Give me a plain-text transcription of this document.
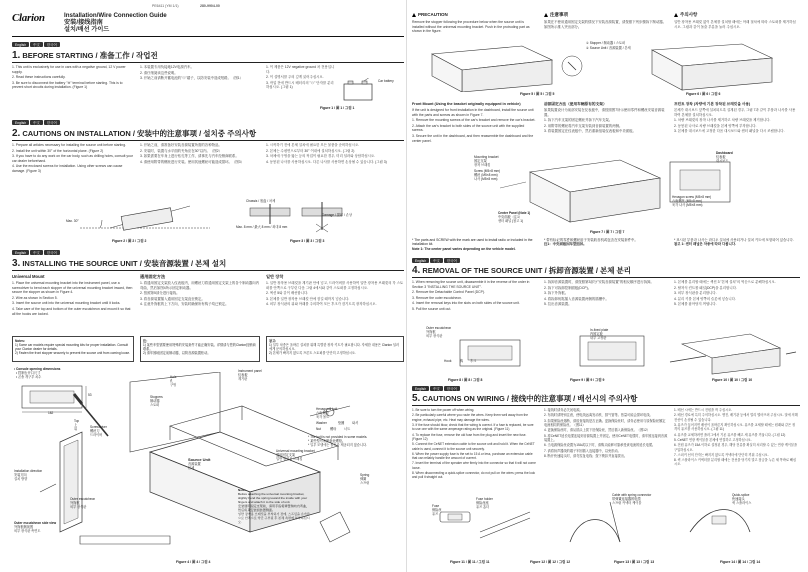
PE6411 (YM 1/1)	280-9904-00
Clarion	Installation/Wire Connection Guide
安装/接线指南
설치/배선 가이드
English	中文	한국어
1. BEFORE STARTING / 准备工作 / 작업전

1. This unit is exclusively for use in cars with a negative ground, 12 V power supply.

2. Read these instructions carefully.

3. Be sure to disconnect the battery "⊖" terminal before starting. This is to prevent short circuits during installation. (Figure 1)

1. 本装置专用负接地12V电源汽车。

2. 请仔细阅读这些说明。

3. 开始之前请断开蓄电池的"⊖"端子，以防安装中造成短路。（图1）

1. 이 제품은 12V negative ground 차 전용입니다.

2. 이 설명서를 주의 깊게 읽어주십시오.

3. 작업 전에 반드시 배터리의 "⊖" 단자를 분리하십시오. (그림 1)

Car battery
Figure 1 / 图 1 / 그림 1
English	中文	한국어
2. CAUTIONS ON INSTALLATION / 安装中的注意事项 / 설치중 주의사항

1. Prepare all articles necessary for installing the source unit before starting.

2. Install the unit within 30° of the horizontal plane. (Figure 2)

3. If you have to do any work on the car body, such as drilling holes, consult your car dealer beforehand.

4. Use the enclosed screws for installation. Using other screws can cause damage. (Figure 3)

1. 开始之前，请准备好安装音源装置所需的各种物品。

2. 安装时，装置与水平面的夹角应在30°以内。（图2）

3. 如果需要在车身上进行钻孔等工作，请事先与汽车经销商联系。

4. 请使用附带的螺丝进行安装。使用其他螺丝可能造成损坏。（图3）

1. 시작하기 전에 본체 설치에 필요한 모든 물품을 준비하십시오.

2. 본체는 수평면으로부터 30° 이내에 설치하십시오. (그림 2)

3. 차체에 구멍을 뚫는 등의 작업이 필요한 경우, 미리 딜러와 상담하십시오.

4. 동봉된 나사를 사용하십시오. 다른 나사를 사용하면 손상될 수 있습니다. (그림 3)

Max. 30°
Figure 2 / 图 2 / 그림 2
Chassis / 底盘 / 차체
Damage / 损坏 / 손상
Max. 8 mm / 最大 8 mm / 최대 8 mm
Figure 3 / 图 3 / 그림 3
English	中文	한국어
3. INSTALLING THE SOURCE UNIT / 安装音源装置 / 본체 설치
Universal Mount	通用固定方法	일반 장착

1. Place the universal mounting bracket into the instrument panel, use a screwdriver to bend each stopper of the universal mounting bracket inward, then secure the stopper as shown in Figure 4.

2. Wire as shown in Section 5.

3. Insert the source unit into the universal mounting bracket until it locks.

4. Take care of the top and bottom of the outer escutcheon and mount it so that all the hooks are locked.

1. 将通用固定支架放入仪表板内，用螺丝刀将通用固定支架上的各个制动器向内弯曲，然后如图4所示固定制动器。

2. 按照第5部分进行接线。

3. 将音源装置插入通用固定支架直至锁定。

4. 注意外饰框的上下方向，安装时确保所有钩子均已锁定。

1. 일반 장착용 브래킷을 계기판 안에 넣고, 드라이버를 사용하여 일반 장착용 브래킷의 각 스토퍼를 안쪽으로 구부린 다음 그림 4에서와 같이 스토퍼를 고정하십시오.

2. 섹션 5와 같이 배선합니다.

3. 본체를 일반 장착용 브래킷 안에 잠길 때까지 넣습니다.

4. 외부 장식판의 위와 아래를 주의하여 모든 후크가 잠기도록 장착하십시오.

Notes:
1) Some car models require special mounting kits for proper installation. Consult your Clarion dealer for details.
2) Fasten the front stopper securely to prevent the source unit from coming loose.
注：
1) 某些车型需要使用特殊的安装套件才能正确安装。详情请与您的Clarion经销商联系。
2) 请牢固地固定前制动器，以防音源装置松动。
참고:
1) 일부 차종은 올바른 설치를 위해 특별한 장착 키트가 필요합니다. 자세한 내용은 Clarion 딜러에게 문의하십시오.
2) 본체가 빠지지 않도록 프론트 스토퍼를 단단히 고정하십시오.
• Console opening dimensions
• 控制台开口尺寸
• 콘솔 개구부 치수
182
53
Top
上
위
Hole
孔
구멍
Instrument panel
仪表板
계기판
Stoppers
制动器
스토퍼
Hexagonal bolt
六角螺栓
육각 볼트
Washer	垫圈 와셔
Nut	螺母 너트
* The bolt is not provided in some models.
* 某些型号未配备此螺栓。
* 일부 모델에는 볼트가 제공되지 않습니다.
Screwdriver
螺丝刀
드라이버
Universal mounting bracket
通用固定支架
일반 장착용 브래킷
Source Unit
音源装置
본체
Spring
弹簧
스프링
Installation direction
安装方向
설치 방향
Outer escutcheon
外饰框
외부 장식판
Outer escutcheon side view
外饰框侧视图
외부 장식판 측면도
Note:
Before attaching the universal mounting bracket, slightly bend the spring toward the inside with your fingers and attach it to the side of unit.
安装通用固定支架前，请用手指将弹簧稍向内弯曲，然后将其安装到装置侧面。
일반 장착용 브래킷을 부착하기 전에, 스프링을 손가락으로 안쪽으로 약간 구부린 후 본체 측면에 부착하십시오.
Figure 4 / 图 4 / 그림 4
PRECAUTION	注意事项	주의사항
Remove the stopper following the procedure below when the source unit is installed without the universal mounting bracket. Push in the protruding part as shown in the figure.
如果在不使用通用固定支架的情况下安装音源装置，请按照下列步骤拆下制动器。如图所示推入突出部分。
일반 장착용 브래킷 없이 본체를 설치할 때에는 아래 절차에 따라 스토퍼를 제거하십시오. 그림과 같이 돌출 부분을 눌러 주십시오.
① Stopper / 制动器 / 스토퍼
② Source Unit / 音源装置 / 본체
Figure 5 / 图 5 / 그림 5	Figure 6 / 图 6 / 그림 6
Front Mount (Using the bracket originally equipped in vehicle)	前部固定方法（使用车辆原有的支架）	프런트 장착 (차량에 기본 장착된 브래킷을 사용)

If the unit is designed for front installation in the dashboard, install the source unit with the parts and screws as shown in Figure 7.

1. Remove the mounting screws of the car's bracket and remove the car's bracket.

2. Attach the car's bracket to both sides of the source unit with the supplied screws.

3. Secure the unit in the dashboard, and then reassemble the dashboard and the center panel.

如果装置设计为前部安装在仪表板中，请按照图7所示使用零件和螺丝安装音源装置。

1. 拆下汽车支架的固定螺丝并拆下汽车支架。

2. 用附带的螺丝将汽车支架安装到音源装置的两侧。

3. 将装置固定在仪表板中，然后重新组装仪表板和中央面板。

본체가 대시보드 앞쪽에 설치되도록 설계된 경우, 그림 7과 같이 부품과 나사를 사용하여 본체를 설치하십시오.

1. 차량 브래킷의 장착 나사를 제거하고 차량 브래킷을 제거합니다.

2. 동봉된 나사로 차량 브래킷을 본체 양쪽에 부착합니다.

3. 본체를 대시보드에 고정한 다음 대시보드와 센터 패널을 다시 조립합니다.

Mounting bracket
固定支架
장착 브래킷
Screw (M5×8 mm)
螺丝 (M5×8 mm)
나사 (M5×8 mm)
Center Panel (Note 1)
中央面板（注1）
센터 패널 (참고 1)
Dashboard
仪表板
대시보드
Hexagon screw (M5×8 mm)
六角螺丝 (M5×8 mm)
육각 나사 (M5×8 mm)
Figure 7 / 图 7 / 그림 7
* The parts and SCREW with the mark are used to install radio or included in the installation kit.
Note 1: The center panel varies depending on the vehicle model.
* 带有标记的零件和螺丝用于安装收音机或包含在安装套件中。
注1：中央面板因车型而异。
* 표시된 부품과 나사는 라디오 설치에 사용되거나 설치 키트에 포함되어 있습니다.
참고 1: 센터 패널은 차종에 따라 다릅니다.
English	中文	한국어
4. REMOVAL OF THE SOURCE UNIT / 拆卸音源装置 / 본체 분리

1. When removing the source unit, disassemble it in the reverse of the order in Section 3 "INSTALLING THE SOURCE UNIT".

2. Remove the Detachable Control Panel (DCP).

3. Remove the outer escutcheon.

4. Insert the removal keys into the slots on both sides of the source unit.

5. Pull the source unit out.

1. 拆卸音源装置时，请按照第3部分"安装音源装置"的相反顺序进行拆卸。

2. 拆下可拆卸控制面板(DCP)。

3. 拆下外饰框。

4. 将拆卸钥匙插入音源装置两侧的插槽中。

5. 拉出音源装置。

1. 본체를 분리할 때에는 섹션 3 "본체 설치"의 역순으로 분해하십시오.

2. 탈착식 컨트롤 패널(DCP)을 분리합니다.

3. 외부 장식판을 분리합니다.

4. 분리 키를 본체 양쪽의 슬롯에 넣습니다.

5. 본체를 잡아당겨 꺼냅니다.

Outer escutcheon
外饰框
외부 장식판
Hook	钩 후크
In-fixed plate
内固定板
내부 고정판
Figure 8 / 图 8 / 그림 8	Figure 9 / 图 9 / 그림 9	Figure 10 / 图 10 / 그림 10
English	中文	한국어
5. CAUTIONS ON WIRING / 接线中的注意事项 / 배선시의 주의사항

1. Be sure to turn the power off when wiring.

2. Be particularly careful where you route the wires. Keep them well away from the engine, exhaust pipe, etc. Heat may damage the wires.

3. If the fuse should blow, check that the wiring is correct. If a fuse is replaced, be sure to use one with the same amperage rating as the original. (Figure 11)

4. To replace the fuse, remove the old fuse from the plug and insert the new fuse. (Figure 12)

5. Connect the CeNET extension cable to the source unit and hold it. When the CeNET cable is used, connect it to the source unit securely.

6. When the power supply fuse is the set to 15 A or less, purchase an extension cable that can reliably handle the amount of current.

7. Insert the terminal of the speaker wire firmly into the connector so that it will not come loose.

8. When disconnecting a quick-splice connector, do not pull on the wires; press the lock and pull it straight out.

1. 接线时请务必关闭电源。

2. 布线时请特别注意，使电线远离发动机、排气管等。热量可能会损坏电线。

3. 如果保险丝熔断，请检查接线是否正确。更换保险丝时，请务必使用与原保险丝额定电流相同的保险丝。（图11）

4. 更换保险丝时，请从插头上拔下旧保险丝，然后插入新保险丝。（图12）

5. 将CeNET延长电缆连接到音源装置上并固定。使用CeNET电缆时，请牢固连接到音源装置上。

6. 当电源保险丝设置为15A或以下时，请购买能够可靠承受该电流的延长电缆。

7. 请将扬声器线的端子牢固插入连接器中，以免松动。

8. 断开快速接头时，请勿拉扯电线；按下锁扣并直接拔出。

1. 배선 시에는 반드시 전원을 꺼 주십시오.

2. 배선 경로에 특히 주의하십시오. 엔진, 배기관 등에서 멀리 떨어뜨려 주십시오. 열에 의해 전선이 손상될 수 있습니다.

3. 퓨즈가 끊어지면 배선이 올바른지 확인하십시오. 퓨즈를 교체할 때에는 원래와 같은 정격의 퓨즈를 사용하십시오. (그림 11)

4. 퓨즈를 교체하려면 플러그에서 기존 퓨즈를 빼고 새 퓨즈를 끼웁니다. (그림 12)

5. CeNET 연장 케이블을 본체에 연결하고 고정하십시오.

6. 전원 퓨즈가 15A 이하로 설정된 경우, 해당 전류를 확실히 처리할 수 있는 연장 케이블을 구입하십시오.

7. 스피커 선의 단자는 빠지지 않도록 커넥터에 단단히 끼워 주십시오.

8. 퀵 스플라이스 커넥터를 분리할 때에는 전선을 당기지 말고 잠금을 누른 채 똑바로 빼십시오.

Fuse
保险丝
퓨즈
Fuse holder
保险丝座
퓨즈 홀더
Cable with spring connector
带弹簧连接器的电缆
스프링 커넥터 케이블
Quick-splice
快速接头
퀵 스플라이스
Figure 11 / 图 11 / 그림 11	Figure 12 / 图 12 / 그림 12	Figure 13 / 图 13 / 그림 13	Figure 14 / 图 14 / 그림 14
